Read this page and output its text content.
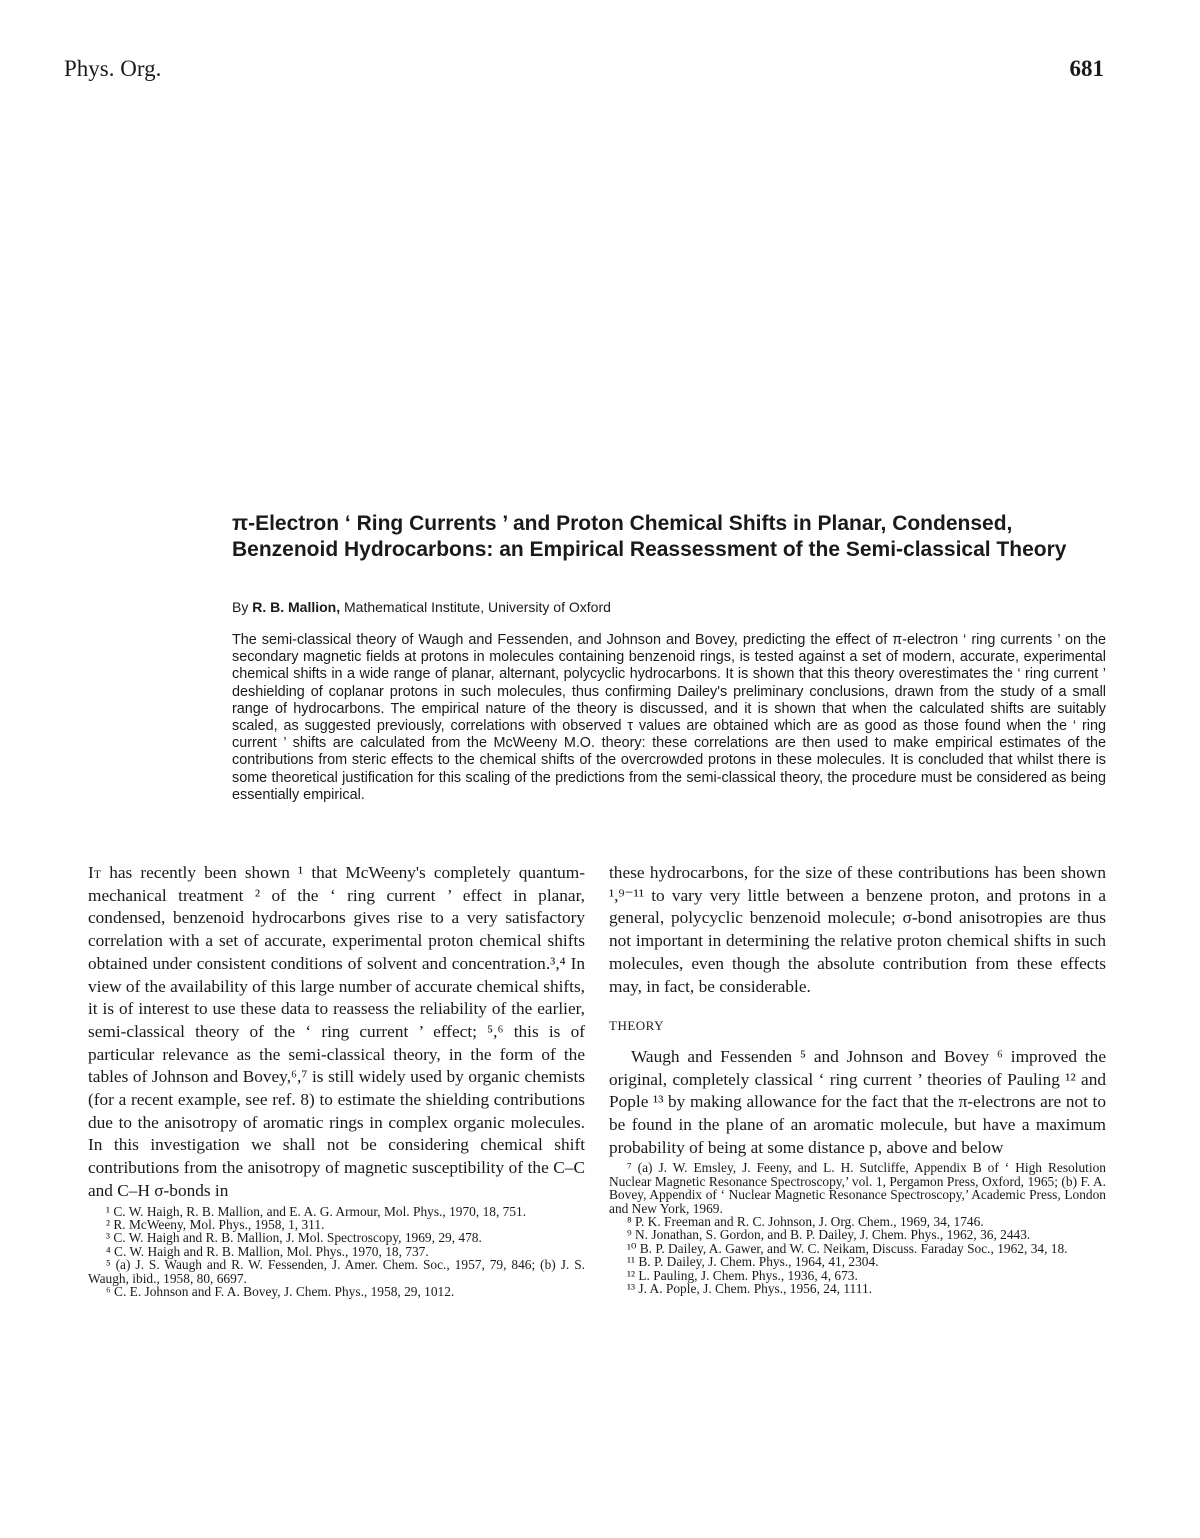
Phys. Org.	681
π-Electron ‘ Ring Currents ’ and Proton Chemical Shifts in Planar, Condensed, Benzenoid Hydrocarbons: an Empirical Reassessment of the Semi-classical Theory
By R. B. Mallion, Mathematical Institute, University of Oxford

The semi-classical theory of Waugh and Fessenden, and Johnson and Bovey, predicting the effect of π-electron ‘ ring currents ’ on the secondary magnetic fields at protons in molecules containing benzenoid rings, is tested against a set of modern, accurate, experimental chemical shifts in a wide range of planar, alternant, polycyclic hydrocarbons. It is shown that this theory overestimates the ‘ ring current ’ deshielding of coplanar protons in such molecules, thus confirming Dailey's preliminary conclusions, drawn from the study of a small range of hydrocarbons. The empirical nature of the theory is discussed, and it is shown that when the calculated shifts are suitably scaled, as suggested previously, correlations with observed τ values are obtained which are as good as those found when the ‘ ring current ’ shifts are calculated from the McWeeny M.O. theory: these correlations are then used to make empirical estimates of the contributions from steric effects to the chemical shifts of the overcrowded protons in these molecules. It is concluded that whilst there is some theoretical justification for this scaling of the predictions from the semi-classical theory, the procedure must be considered as being essentially empirical.

It has recently been shown ¹ that McWeeny's completely quantum-mechanical treatment ² of the ‘ ring current ’ effect in planar, condensed, benzenoid hydrocarbons gives rise to a very satisfactory correlation with a set of accurate, experimental proton chemical shifts obtained under consistent conditions of solvent and concentration.³,⁴ In view of the availability of this large number of accurate chemical shifts, it is of interest to use these data to reassess the reliability of the earlier, semi-classical theory of the ‘ ring current ’ effect; ⁵,⁶ this is of particular relevance as the semi-classical theory, in the form of the tables of Johnson and Bovey,⁶,⁷ is still widely used by organic chemists (for a recent example, see ref. 8) to estimate the shielding contributions due to the anisotropy of aromatic rings in complex organic molecules. In this investigation we shall not be considering chemical shift contributions from the anisotropy of magnetic susceptibility of the C–C and C–H σ-bonds in

¹ C. W. Haigh, R. B. Mallion, and E. A. G. Armour, Mol. Phys., 1970, 18, 751.

² R. McWeeny, Mol. Phys., 1958, 1, 311.

³ C. W. Haigh and R. B. Mallion, J. Mol. Spectroscopy, 1969, 29, 478.

⁴ C. W. Haigh and R. B. Mallion, Mol. Phys., 1970, 18, 737.

⁵ (a) J. S. Waugh and R. W. Fessenden, J. Amer. Chem. Soc., 1957, 79, 846; (b) J. S. Waugh, ibid., 1958, 80, 6697.

⁶ C. E. Johnson and F. A. Bovey, J. Chem. Phys., 1958, 29, 1012.

these hydrocarbons, for the size of these contributions has been shown ¹,⁹⁻¹¹ to vary very little between a benzene proton, and protons in a general, polycyclic benzenoid molecule; σ-bond anisotropies are thus not important in determining the relative proton chemical shifts in such molecules, even though the absolute contribution from these effects may, in fact, be considerable.

THEORY

Waugh and Fessenden ⁵ and Johnson and Bovey ⁶ improved the original, completely classical ‘ ring current ’ theories of Pauling ¹² and Pople ¹³ by making allowance for the fact that the π-electrons are not to be found in the plane of an aromatic molecule, but have a maximum probability of being at some distance p, above and below

⁷ (a) J. W. Emsley, J. Feeny, and L. H. Sutcliffe, Appendix B of ‘ High Resolution Nuclear Magnetic Resonance Spectroscopy,’ vol. 1, Pergamon Press, Oxford, 1965; (b) F. A. Bovey, Appendix of ‘ Nuclear Magnetic Resonance Spectroscopy,’ Academic Press, London and New York, 1969.

⁸ P. K. Freeman and R. C. Johnson, J. Org. Chem., 1969, 34, 1746.

⁹ N. Jonathan, S. Gordon, and B. P. Dailey, J. Chem. Phys., 1962, 36, 2443.

¹⁰ B. P. Dailey, A. Gawer, and W. C. Neikam, Discuss. Faraday Soc., 1962, 34, 18.

¹¹ B. P. Dailey, J. Chem. Phys., 1964, 41, 2304.

¹² L. Pauling, J. Chem. Phys., 1936, 4, 673.

¹³ J. A. Pople, J. Chem. Phys., 1956, 24, 1111.
